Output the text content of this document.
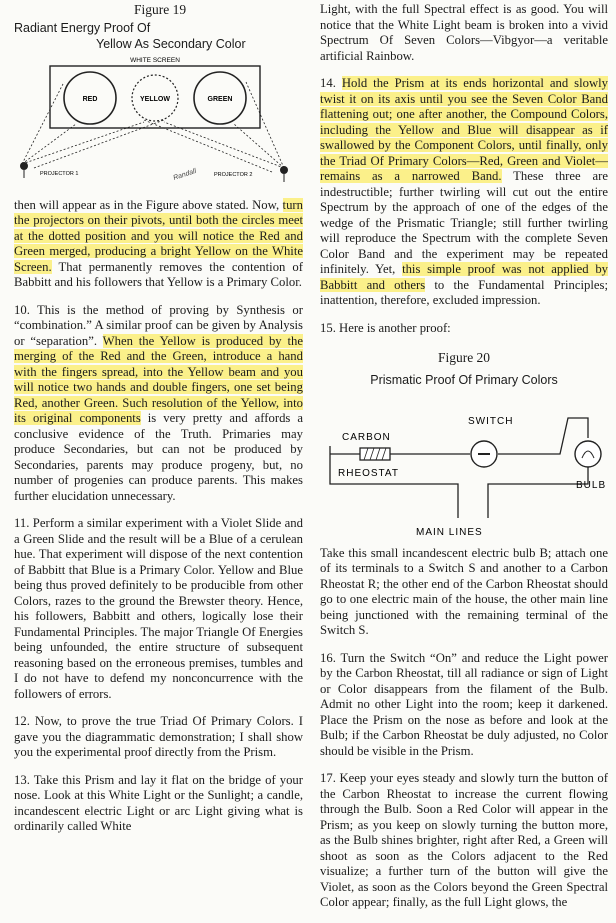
Figure 19
Radiant Energy Proof Of
Yellow As Secondary Color
WHITE SCREEN
RED	YELLOW	GREEN
PROJECTOR 1	PROJECTOR 2
Randall

then will appear as in the Figure above stated. Now, turn the projectors on their pivots, until both the circles meet at the dotted position and you will notice the Red and Green merged, producing a bright Yellow on the White Screen. That permanently removes the contention of Babbitt and his followers that Yellow is a Primary Color.

10. This is the method of proving by Synthesis or “combination.” A similar proof can be given by Analysis or “separation”. When the Yellow is produced by the merging of the Red and the Green, introduce a hand with the fingers spread, into the Yellow beam and you will notice two hands and double fingers, one set being Red, another Green. Such resolution of the Yellow, into its original components is very pretty and affords a conclusive evidence of the Truth. Primaries may produce Secondaries, but can not be produced by Secondaries, parents may produce progeny, but, no number of progenies can produce parents. This makes further elucidation unnecessary.

11. Perform a similar experiment with a Violet Slide and a Green Slide and the result will be a Blue of a cerulean hue. That experiment will dispose of the next contention of Babbitt that Blue is a Primary Color. Yellow and Blue being thus proved definitely to be producible from other Colors, razes to the ground the Brewster theory. Hence, his followers, Babbitt and others, logically lose their Fundamental Principles. The major Triangle Of Energies being unfounded, the entire structure of subsequent reasoning based on the erroneous premises, tumbles and I do not have to defend my nonconcurrence with the followers of errors.

12. Now, to prove the true Triad Of Primary Colors. I gave you the diagrammatic demonstration; I shall show you the experimental proof directly from the Prism.

13. Take this Prism and lay it flat on the bridge of your nose. Look at this White Light or the Sunlight; a candle, incandescent electric Light or arc Light giving what is ordinarily called White

Light, with the full Spectral effect is as good. You will notice that the White Light beam is broken into a vivid Spectrum Of Seven Colors—Vibgyor—a veritable artificial Rainbow.

14. Hold the Prism at its ends horizontal and slowly twist it on its axis until you see the Seven Color Band flattening out; one after another, the Compound Colors, including the Yellow and Blue will disappear as if swallowed by the Component Colors, until finally, only the Triad Of Primary Colors—Red, Green and Violet—remains as a narrowed Band. These three are indestructible; further twirling will cut out the entire Spectrum by the approach of one of the edges of the wedge of the Prismatic Triangle; still further twirling will reproduce the Spectrum with the complete Seven Color Band and the experiment may be repeated infinitely. Yet, this simple proof was not applied by Babbitt and others to the Fundamental Principles; inattention, therefore, excluded impression.

15. Here is another proof:

Figure 20
Prismatic Proof Of Primary Colors
CARBON
RHEOSTAT
SWITCH
BULB
MAIN LINES

Take this small incandescent electric bulb B; attach one of its terminals to a Switch S and another to a Carbon Rheostat R; the other end of the Carbon Rheostat should go to one electric main of the house, the other main line being junctioned with the remaining terminal of the Switch S.

16. Turn the Switch “On” and reduce the Light power by the Carbon Rheostat, till all radiance or sign of Light or Color disappears from the filament of the Bulb. Admit no other Light into the room; keep it darkened. Place the Prism on the nose as before and look at the Bulb; if the Carbon Rheostat be duly adjusted, no Color should be visible in the Prism.

17. Keep your eyes steady and slowly turn the button of the Carbon Rheostat to increase the current flowing through the Bulb. Soon a Red Color will appear in the Prism; as you keep on slowly turning the button more, as the Bulb shines brighter, right after Red, a Green will shoot as soon as the Colors adjacent to the Red visualize; a further turn of the button will give the Violet, as soon as the Colors beyond the Green Spectral Color appear; finally, as the full Light glows, the
